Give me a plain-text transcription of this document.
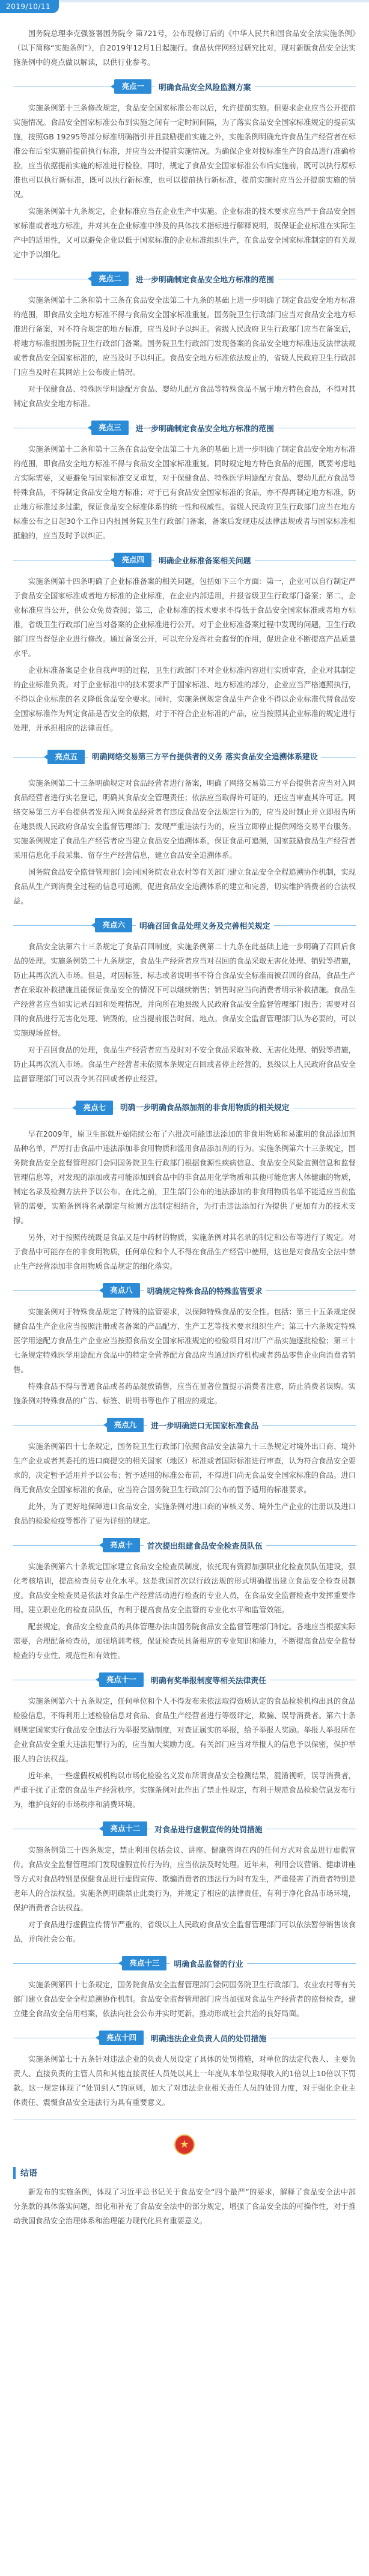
2019/10/11

国务院总理李克强签署国务院令 第721号，公布现修订后的《中华人民共和国食品安全法实施条例》（以下简称“实施条例”），自2019年12月1日起施行。食品伙伴网经过研究比对，现对新版食品安全法实施条例中的亮点做以解读，以供行业参考。

亮点一	明确食品安全风险监测方案

实施条例第十三条修改规定，食品安全国家标准公布以后，允许提前实施。但要求企业应当公开提前实施情况。食品安全国家标准公布到实施之间有一定时间间隔，为了落实食品安全国家标准规定的提前实施，按照GB 19295等部分标准明确指引并且鼓励提前实施之外，实施条例明确允许食品生产经营者在标准公布后至实施前提前执行标准，并应当公开提前实施情况。为确保企业对按标准生产的食品进行准确检验，应当依据提前实施的标准进行检验，同时，规定了食品安全国家标准公布后实施前，既可以执行原标准也可以执行新标准，既可以执行新标准，也可以提前执行新标准，提前实施时应当公开提前实施的情况。

实施条例第十九条规定，企业标准应当在企业生产中实施。企业标准的技术要求应当严于食品安全国家标准或者地方标准，并对其在企业标准中涉及的具体技术指标进行解释说明，既保证企业标准在实际生产中的适用性，又可以避免企业以低于国家标准的企业标准组织生产，在食品安全国家标准制定的有关规定中予以细化。

亮点二	进一步明确制定食品安全地方标准的范围

实施条例第十二条和第十三条在食品安全法第二十九条的基础上进一步明确了制定食品安全地方标准的范围，即食品安全地方标准不得与食品安全国家标准重复。国务院卫生行政部门应当对食品安全地方标准进行备案，对不符合规定的地方标准，应当及时予以纠正。省级人民政府卫生行政部门应当在备案后，将地方标准报国务院卫生行政部门备案。国务院卫生行政部门发现备案的食品安全地方标准违反法律法规或者食品安全国家标准的，应当及时予以纠正。食品安全地方标准依法废止的，省级人民政府卫生行政部门应当及时在其网站上公布废止情况。

对于保健食品、特殊医学用途配方食品、婴幼儿配方食品等特殊食品不属于地方特色食品，不得对其制定食品安全地方标准。

亮点三	进一步明确制定食品安全地方标准的范围

实施条例第十二条和第十三条在食品安全法第二十九条的基础上进一步明确了制定食品安全地方标准的范围，即食品安全地方标准不得与食品安全国家标准重复。同时规定地方特色食品的范围，既要考虑地方实际需要，又要避免与国家标准交叉重复，对于保健食品、特殊医学用途配方食品、婴幼儿配方食品等特殊食品，不得制定食品安全地方标准；对于已有食品安全国家标准的食品，亦不得再制定地方标准，防止地方标准过多过滥，保证食品安全标准体系的统一性和权威性。省级人民政府卫生行政部门应当在地方标准公布之日起30个工作日内报国务院卫生行政部门备案，备案后发现违反法律法规或者与国家标准相抵触的，应当及时予以纠正。

亮点四	明确企业标准备案相关问题

实施条例第十四条明确了企业标准备案的相关问题，包括如下三个方面：第一，企业可以自行制定严于食品安全国家标准或者地方标准的企业标准，在企业内部适用，并报省级卫生行政部门备案；第二，企业标准应当公开，供公众免费查阅；第三，企业标准的技术要求不得低于食品安全国家标准或者地方标准，省级卫生行政部门应当对备案的企业标准进行公开。对于企业标准备案过程中发现的问题，卫生行政部门应当督促企业进行修改。通过备案公开，可以充分发挥社会监督的作用，促进企业不断提高产品质量水平。

企业标准备案是企业自我声明的过程，卫生行政部门不对企业标准内容进行实质审查，企业对其制定的企业标准负责。对于企业标准中的技术要求严于国家标准、地方标准的部分，企业应当严格遵照执行，不得以企业标准的名义降低食品安全要求。同时，实施条例规定食品生产企业不得以企业标准代替食品安全国家标准作为判定食品是否安全的依据，对于不符合企业标准的产品，应当按照其企业标准的规定进行处理，并承担相应的法律责任。

亮点五	明确网络交易第三方平台提供者的义务 落实食品安全追溯体系建设

实施条例第二十三条明确规定对食品经营者进行备案，明确了网络交易第三方平台提供者应当对入网食品经营者进行实名登记，明确其食品安全管理责任；依法应当取得许可证的，还应当审查其许可证。网络交易第三方平台提供者发现入网食品经营者有违反食品安全法规定行为的，应当及时制止并立即报告所在地县级人民政府食品安全监督管理部门；发现严重违法行为的，应当立即停止提供网络交易平台服务。实施条例规定了食品生产经营者应当建立食品安全追溯体系，保证食品可追溯，国家鼓励食品生产经营者采用信息化手段采集、留存生产经营信息，建立食品安全追溯体系。

国务院食品安全监督管理部门会同国务院农业农村等有关部门建立食品安全全程追溯协作机制，实现食品从生产到消费全过程的信息可追溯，促进食品安全追溯体系的建立和完善，切实维护消费者的合法权益。

亮点六	明确召回食品处理义务及完善相关规定

食品安全法第六十三条规定了食品召回制度，实施条例第二十九条在此基础上进一步明确了召回后食品的处理。实施条例第二十九条规定，食品生产经营者应当对召回的食品采取无害化处理、销毁等措施，防止其再次流入市场。但是，对因标签、标志或者说明书不符合食品安全标准而被召回的食品，食品生产者在采取补救措施且能保证食品安全的情况下可以继续销售；销售时应当向消费者明示补救措施。食品生产经营者应当如实记录召回和处理情况，并向所在地县级人民政府食品安全监督管理部门报告；需要对召回的食品进行无害化处理、销毁的，应当提前报告时间、地点。食品安全监督管理部门认为必要的，可以实施现场监督。

对于召回食品的处理，食品生产经营者应当及时对不安全食品采取补救、无害化处理、销毁等措施，防止其再次流入市场。食品生产经营者未依照本条规定召回或者停止经营的，县级以上人民政府食品安全监督管理部门可以责令其召回或者停止经营。

亮点七	明确一步明确食品添加剂的非食用物质的相关规定

早在2009年，原卫生部就开始陆续公布了六批次可能违法添加的非食用物质和易滥用的食品添加剂品种名单，严厉打击食品中违法添加非食用物质和滥用食品添加剂的行为。实施条例第六十三条规定，国务院食品安全监督管理部门会同国务院卫生行政部门根据食源性疾病信息、食品安全风险监测信息和监督管理信息等，对发现的添加或者可能添加到食品中的非食品用化学物质和其他可能危害人体健康的物质，制定名录及检测方法并予以公布。在此之前，卫生部门公布的违法添加的非食用物质名单不能适应当前监管的需要，实施条例将名录制定与检测方法制定相结合，为打击违法添加行为提供了更加有力的技术支撑。

另外，对于按照传统既是食品又是中药材的物质，实施条例对其名录的制定和公布等进行了规定。对于食品中可能存在的非食用物质，任何单位和个人不得在食品生产经营中使用，这也是对食品安全法中禁止生产经营添加非食用物质食品规定的细化落实。

亮点八	明确规定特殊食品的特殊监管要求

实施条例对于特殊食品规定了特殊的监管要求，以保障特殊食品的安全性。包括：第三十五条规定保健食品生产企业应当按照注册或者备案的产品配方、生产工艺等技术要求组织生产；第三十六条规定特殊医学用途配方食品生产企业应当按照食品安全国家标准规定的检验项目对出厂产品实施逐批检验；第三十七条规定特殊医学用途配方食品中的特定全营养配方食品应当通过医疗机构或者药品零售企业向消费者销售。

特殊食品不得与普通食品或者药品混放销售，应当在显著位置提示消费者注意，防止消费者误购。实施条例对特殊食品的广告、标签、说明书等也作了相应的规定。

亮点九	进一步明确进口无国家标准食品

实施条例第四十七条规定，国务院卫生行政部门依照食品安全法第九十三条规定对境外出口商、境外生产企业或者其委托的进口商提交的相关国家（地区）标准或者国际标准进行审查，认为符合食品安全要求的，决定暂予适用并予以公布；暂予适用的标准公布前，不得进口尚无食品安全国家标准的食品。进口尚无食品安全国家标准的食品，应当符合国务院卫生行政部门公布的暂予适用的标准要求。

此外，为了更好地保障进口食品安全，实施条例对进口商的审核义务、境外生产企业的注册以及进口食品的检验检疫等都作了更为详细的规定。

亮点十	首次提出组建食品安全检查员队伍

实施条例第六十条规定国家建立食品安全检查员制度，依托现有资源加强职业化检查员队伍建设，强化考核培训，提高检查员专业化水平。这是我国首次以行政法规的形式明确提出建立食品安全检查员制度。食品安全检查员是依法对食品生产经营活动进行检查的专业人员，在食品安全监督检查中发挥重要作用。建立职业化的检查员队伍，有利于提高食品安全监管的专业化水平和监管效能。

配套规定，食品安全检查员的具体管理办法由国务院食品安全监督管理部门制定。各地应当根据实际需要，合理配备检查员，加强培训考核，保证检查员具备相应的专业知识和能力，不断提高食品安全监督检查的专业性、规范性和有效性。

亮点十一	明确有奖举报制度等相关法律责任

实施条例第六十五条规定，任何单位和个人不得发布未依法取得资质认定的食品检验机构出具的食品检验信息，不得利用上述检验信息对食品、食品生产经营者进行等级评定，欺骗、误导消费者。第六十条则规定国家实行食品安全违法行为举报奖励制度，对查证属实的举报，给予举报人奖励。举报人举报所在企业食品安全重大违法犯罪行为的，应当加大奖励力度。有关部门应当对举报人的信息予以保密，保护举报人的合法权益。

近年来，一些虚假权威机构以市场化检验名义发布所谓食品安全检测结果，混淆视听，误导消费者，严重干扰了正常的食品生产经营秩序。实施条例对此作出了禁止性规定，有利于规范食品检验信息发布行为，维护良好的市场秩序和消费环境。

亮点十二	对食品进行虚假宣传的处罚措施

实施条例第三十四条规定，禁止利用包括会议、讲座、健康咨询在内的任何方式对食品进行虚假宣传。食品安全监督管理部门发现虚假宣传行为的，应当依法及时处理。近年来，利用会议营销、健康讲座等方式对食品特别是保健食品进行虚假宣传、欺骗消费者的违法行为时有发生，严重侵害了消费者特别是老年人的合法权益。实施条例明确禁止此类行为，并规定了相应的法律责任，有利于净化食品市场环境，保护消费者合法权益。

对于食品进行虚假宣传情节严重的，省级以上人民政府食品安全监督管理部门可以依法暂停销售该食品，并向社会公布。

亮点十三	明确食品监督的行业

实施条例第四十七条规定，国务院食品安全监督管理部门会同国务院卫生行政部门、农业农村等有关部门建立食品安全全程追溯协作机制。食品安全监督管理部门应当加强对食品生产经营者的监督检查，建立健全食品安全信用档案，依法向社会公布并实时更新，推动形成社会共治的良好局面。

亮点十四	明确违法企业负责人员的处罚措施

实施条例第七十五条针对违法企业的负责人员设定了具体的处罚措施，对单位的法定代表人、主要负责人、直接负责的主管人员和其他直接责任人员处以其上一年度从本单位取得收入的1倍以上10倍以下罚款。这一规定体现了“处罚到人”的原则，加大了对违法企业相关责任人员的处罚力度，对于强化企业主体责任、震慑食品安全违法行为具有重要意义。

★
结语

新发布的实施条例，体现了习近平总书记关于食品安全“四个最严”的要求，解释了食品安全法中部分条款的具体落实问题，细化和补充了食品安全法中的部分规定，增强了食品安全法的可操作性，对于推动我国食品安全治理体系和治理能力现代化具有重要意义。
